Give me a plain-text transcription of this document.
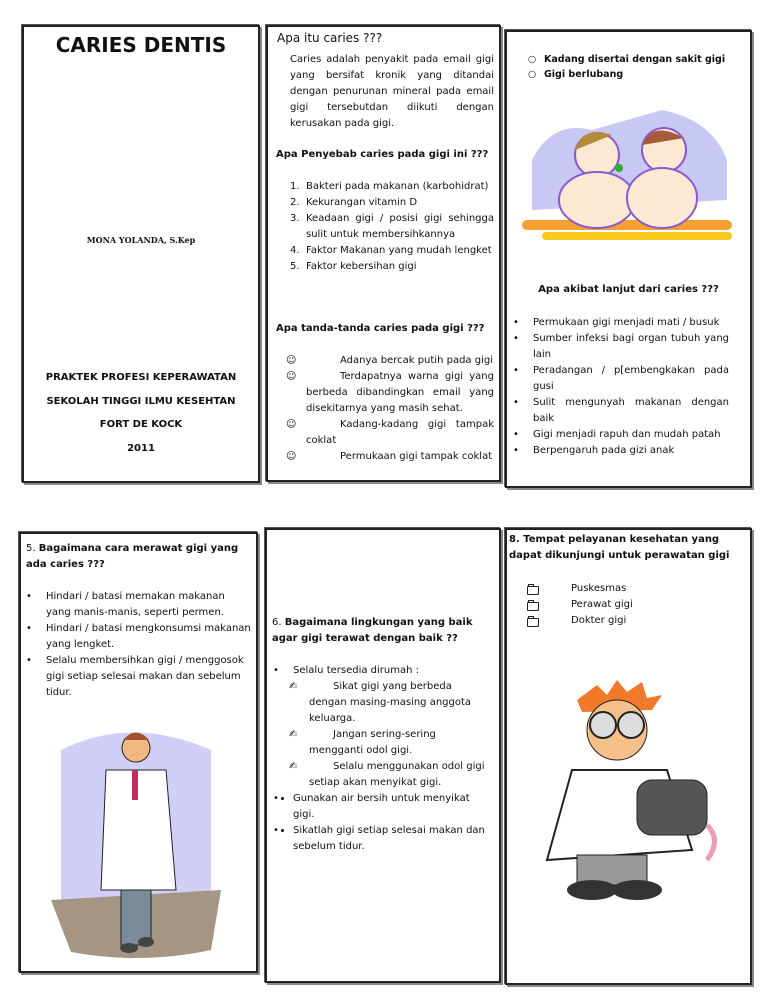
CARIES DENTIS
MONA YOLANDA, S.Kep
PRAKTEK PROFESI KEPERAWATAN
SEKOLAH TINGGI ILMU KESEHTAN
FORT DE KOCK
2011
Apa itu caries ???
Caries adalah penyakit pada email gigi yang bersifat kronik yang ditandai dengan penurunan mineral pada email gigi tersebutdan diikuti dengan kerusakan pada gigi.
Apa Penyebab caries pada gigi ini ???
1. Bakteri pada makanan (karbohidrat)
2. Kekurangan vitamin D
3. Keadaan gigi / posisi gigi sehingga sulit untuk membersihkannya
4. Faktor Makanan yang mudah lengket
5. Faktor kebersihan gigi
Apa tanda-tanda caries pada gigi ???
☺	Adanya bercak putih pada gigi
☺	Terdapatnya warna gigi yang berbeda dibandingkan email yang disekitarnya yang masih sehat.
☺	Kadang-kadang gigi tampak coklat
☺	Permukaan gigi tampak coklat
○ Kadang disertai dengan sakit gigi
○ Gigi berlubang
Apa akibat lanjut dari caries ???
• Permukaan gigi menjadi mati / busuk
• Sumber infeksi bagi organ tubuh yang lain
• Peradangan / p[embengkakan pada gusi
• Sulit mengunyah makanan dengan baik
• Gigi menjadi rapuh dan mudah patah
• Berpengaruh pada gizi anak
5. Bagaimana cara merawat gigi yang ada caries ???
• Hindari / batasi memakan makanan yang manis-manis, seperti permen.
• Hindari / batasi mengkonsumsi makanan yang lengket.
• Selalu membersihkan gigi / menggosok gigi setiap selesai makan dan sebelum tidur.
6. Bagaimana lingkungan yang baik agar gigi terawat dengan baik ??
• Selalu tersedia dirumah :
✍	Sikat gigi yang berbeda dengan masing-masing anggota keluarga.
✍	Jangan sering-sering mengganti odol gigi.
✍	Selalu menggunakan odol gigi setiap akan menyikat gigi.
• • Gunakan air bersih untuk menyikat gigi.
• • Sikatlah gigi setiap selesai makan dan sebelum tidur.
8. Tempat pelayanan kesehatan yang dapat dikunjungi untuk perawatan gigi
Puskesmas
Perawat gigi
Dokter gigi
